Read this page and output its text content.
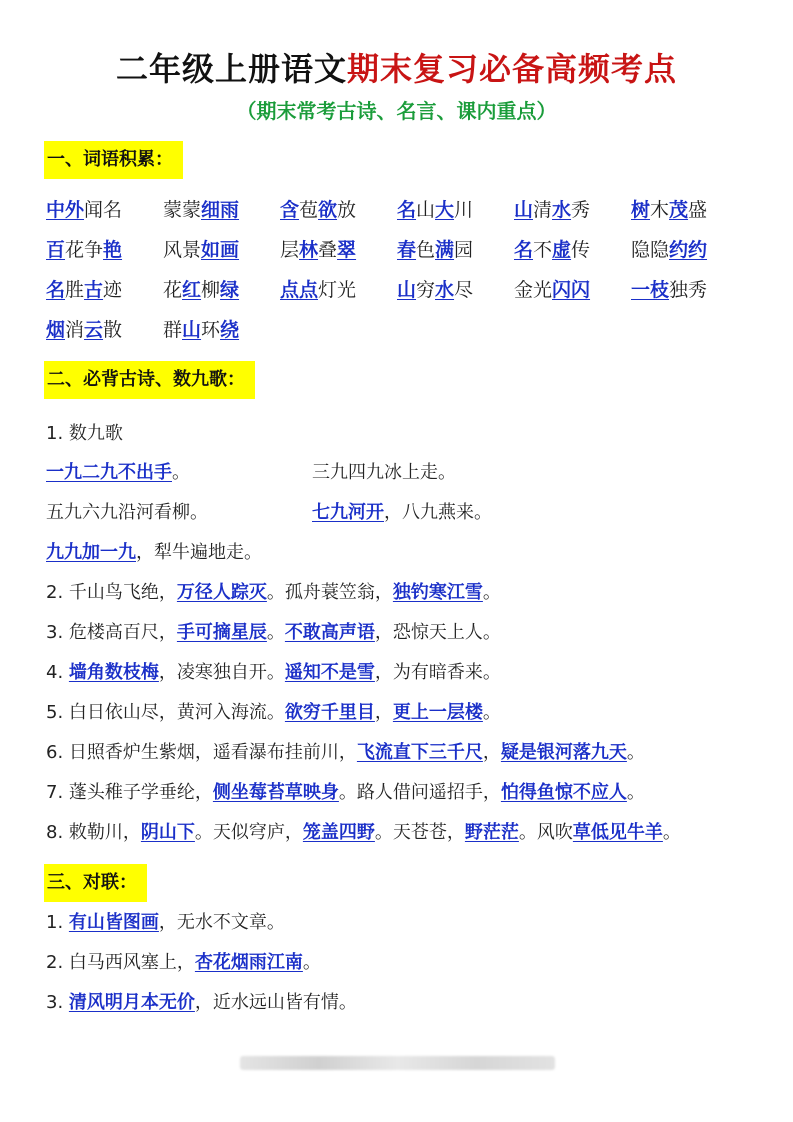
二年级上册语文期末复习必备高频考点
（期末常考古诗、名言、课内重点）
一、词语积累：
中外闻名	蒙蒙细雨	含苞欲放	名山大川	山清水秀	树木茂盛
百花争艳	风景如画	层林叠翠	春色满园	名不虚传	隐隐约约
名胜古迹	花红柳绿	点点灯光	山穷水尽	金光闪闪	一枝独秀
烟消云散	群山环绕
二、必背古诗、数九歌：
三、对联：
1. 数九歌
一九二九不出手。	三九四九冰上走。
五九六九沿河看柳。	七九河开，八九燕来。
九九加一九，犁牛遍地走。
2. 千山鸟飞绝，万径人踪灭。孤舟蓑笠翁，独钓寒江雪。
3. 危楼高百尺，手可摘星辰。不敢高声语，恐惊天上人。
4. 墙角数枝梅，凌寒独自开。遥知不是雪，为有暗香来。
5. 白日依山尽，黄河入海流。欲穷千里目，更上一层楼。
6. 日照香炉生紫烟，遥看瀑布挂前川，飞流直下三千尺，疑是银河落九天。
7. 蓬头稚子学垂纶，侧坐莓苔草映身。路人借问遥招手，怕得鱼惊不应人。
8. 敕勒川，阴山下。天似穹庐，笼盖四野。天苍苍，野茫茫。风吹草低见牛羊。
1. 有山皆图画，无水不文章。
2. 白马西风塞上，杏花烟雨江南。
3. 清风明月本无价，近水远山皆有情。
